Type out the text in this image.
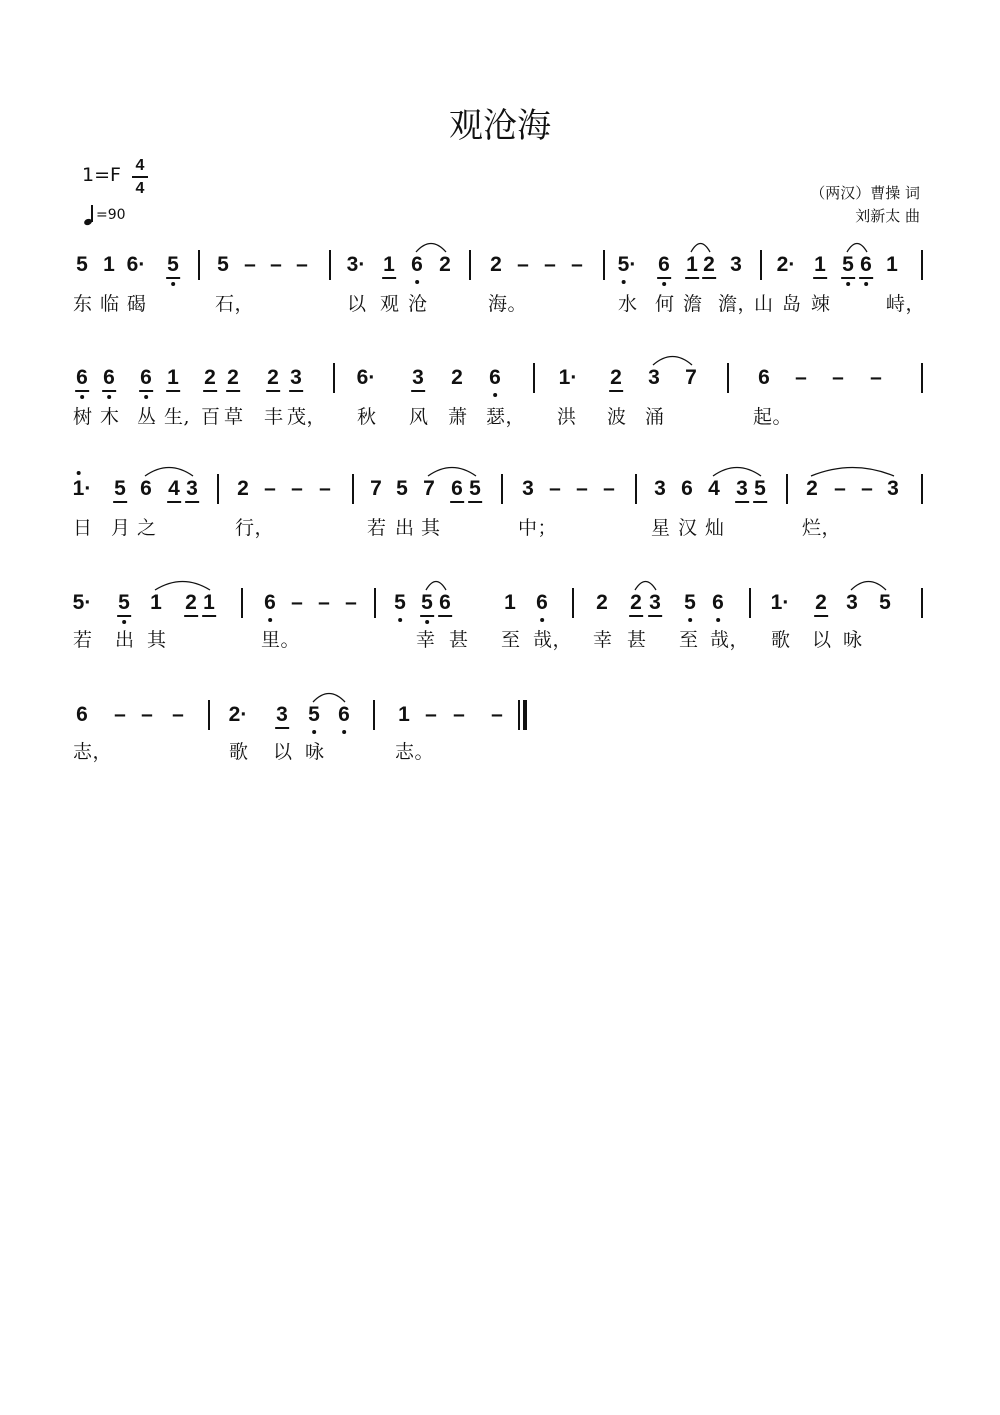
观沧海
1=F 4
4
=90
（两汉）曹操 词
刘新太 曲
5 1 6· 5 5 – – – 3· 1 6 2 2 – – – 5· 6 1 2 3 2· 1 5 6 1
东 临 碣	石，	以 观 沧	海。	水 何 澹 澹，
山 岛 竦	峙，
6 6 6 1 2 2 2 3	6· 3 2 6	1· 2 3 7	6 – – –
树 木 丛 生, 百 草 丰 茂， 秋 风 萧 瑟， 洪 波 涌	起。
1· 5 6 4 3 2 – – – 7 5 7 6 5 3 – – – 3 6 4 3 5 2 – – 3
日 月 之	行，	若 出 其	中；	星 汉 灿	烂，
5· 5 1 2 1 6 – – – 5 5 6	1 6 2 2 3 5 6 1· 2 3 5
若 出 其	里。	幸 甚 至 哉， 幸 甚 至 哉， 歌 以 咏
6 – – – 2· 3 5 6 1 – – –
志，	歌 以 咏	志。
